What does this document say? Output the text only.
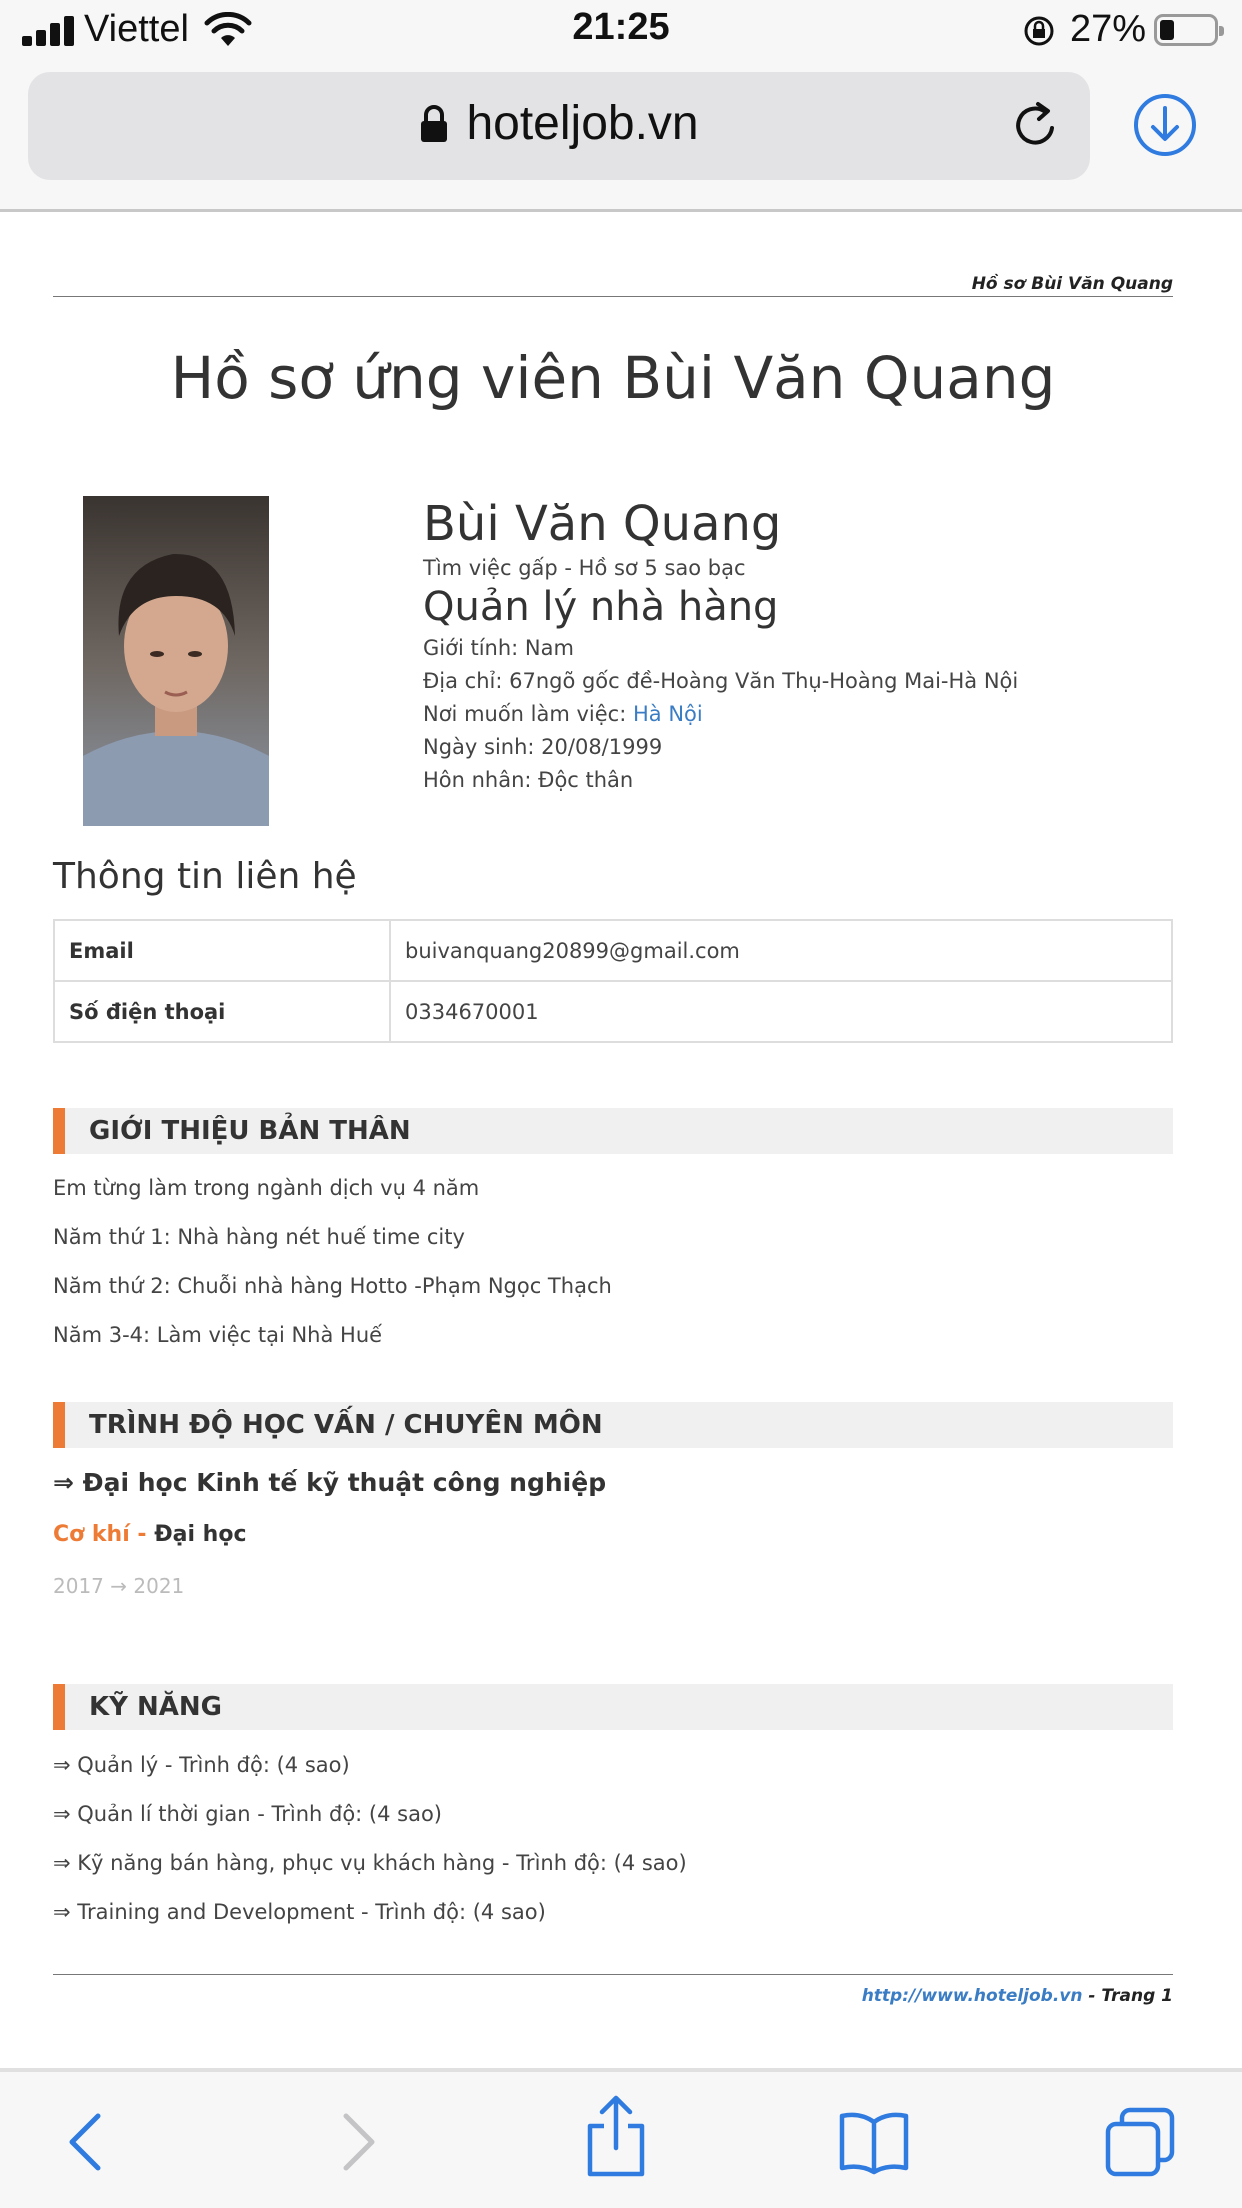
Viettel	21:25	27%
hoteljob.vn
Hồ sơ Bùi Văn Quang
Hồ sơ ứng viên Bùi Văn Quang
Bùi Văn Quang
Tìm việc gấp - Hồ sơ 5 sao bạc
Quản lý nhà hàng
Giới tính: Nam
Địa chỉ: 67ngõ gốc đề-Hoàng Văn Thụ-Hoàng Mai-Hà Nội
Nơi muốn làm việc: Hà Nội
Ngày sinh: 20/08/1999
Hôn nhân: Độc thân
Thông tin liên hệ
Email	buivanquang20899@gmail.com
Số điện thoại	0334670001
GIỚI THIỆU BẢN THÂN
Em từng làm trong ngành dịch vụ 4 năm
Năm thứ 1: Nhà hàng nét huế time city
Năm thứ 2: Chuỗi nhà hàng Hotto -Phạm Ngọc Thạch
Năm 3-4: Làm việc tại Nhà Huế
TRÌNH ĐỘ HỌC VẤN / CHUYÊN MÔN
⇒ Đại học Kinh tế kỹ thuật công nghiệp
Cơ khí - Đại học
2017 → 2021
KỸ NĂNG
⇒ Quản lý - Trình độ: (4 sao)
⇒ Quản lí thời gian - Trình độ: (4 sao)
⇒ Kỹ năng bán hàng, phục vụ khách hàng - Trình độ: (4 sao)
⇒ Training and Development - Trình độ: (4 sao)
http://www.hoteljob.vn - Trang 1
